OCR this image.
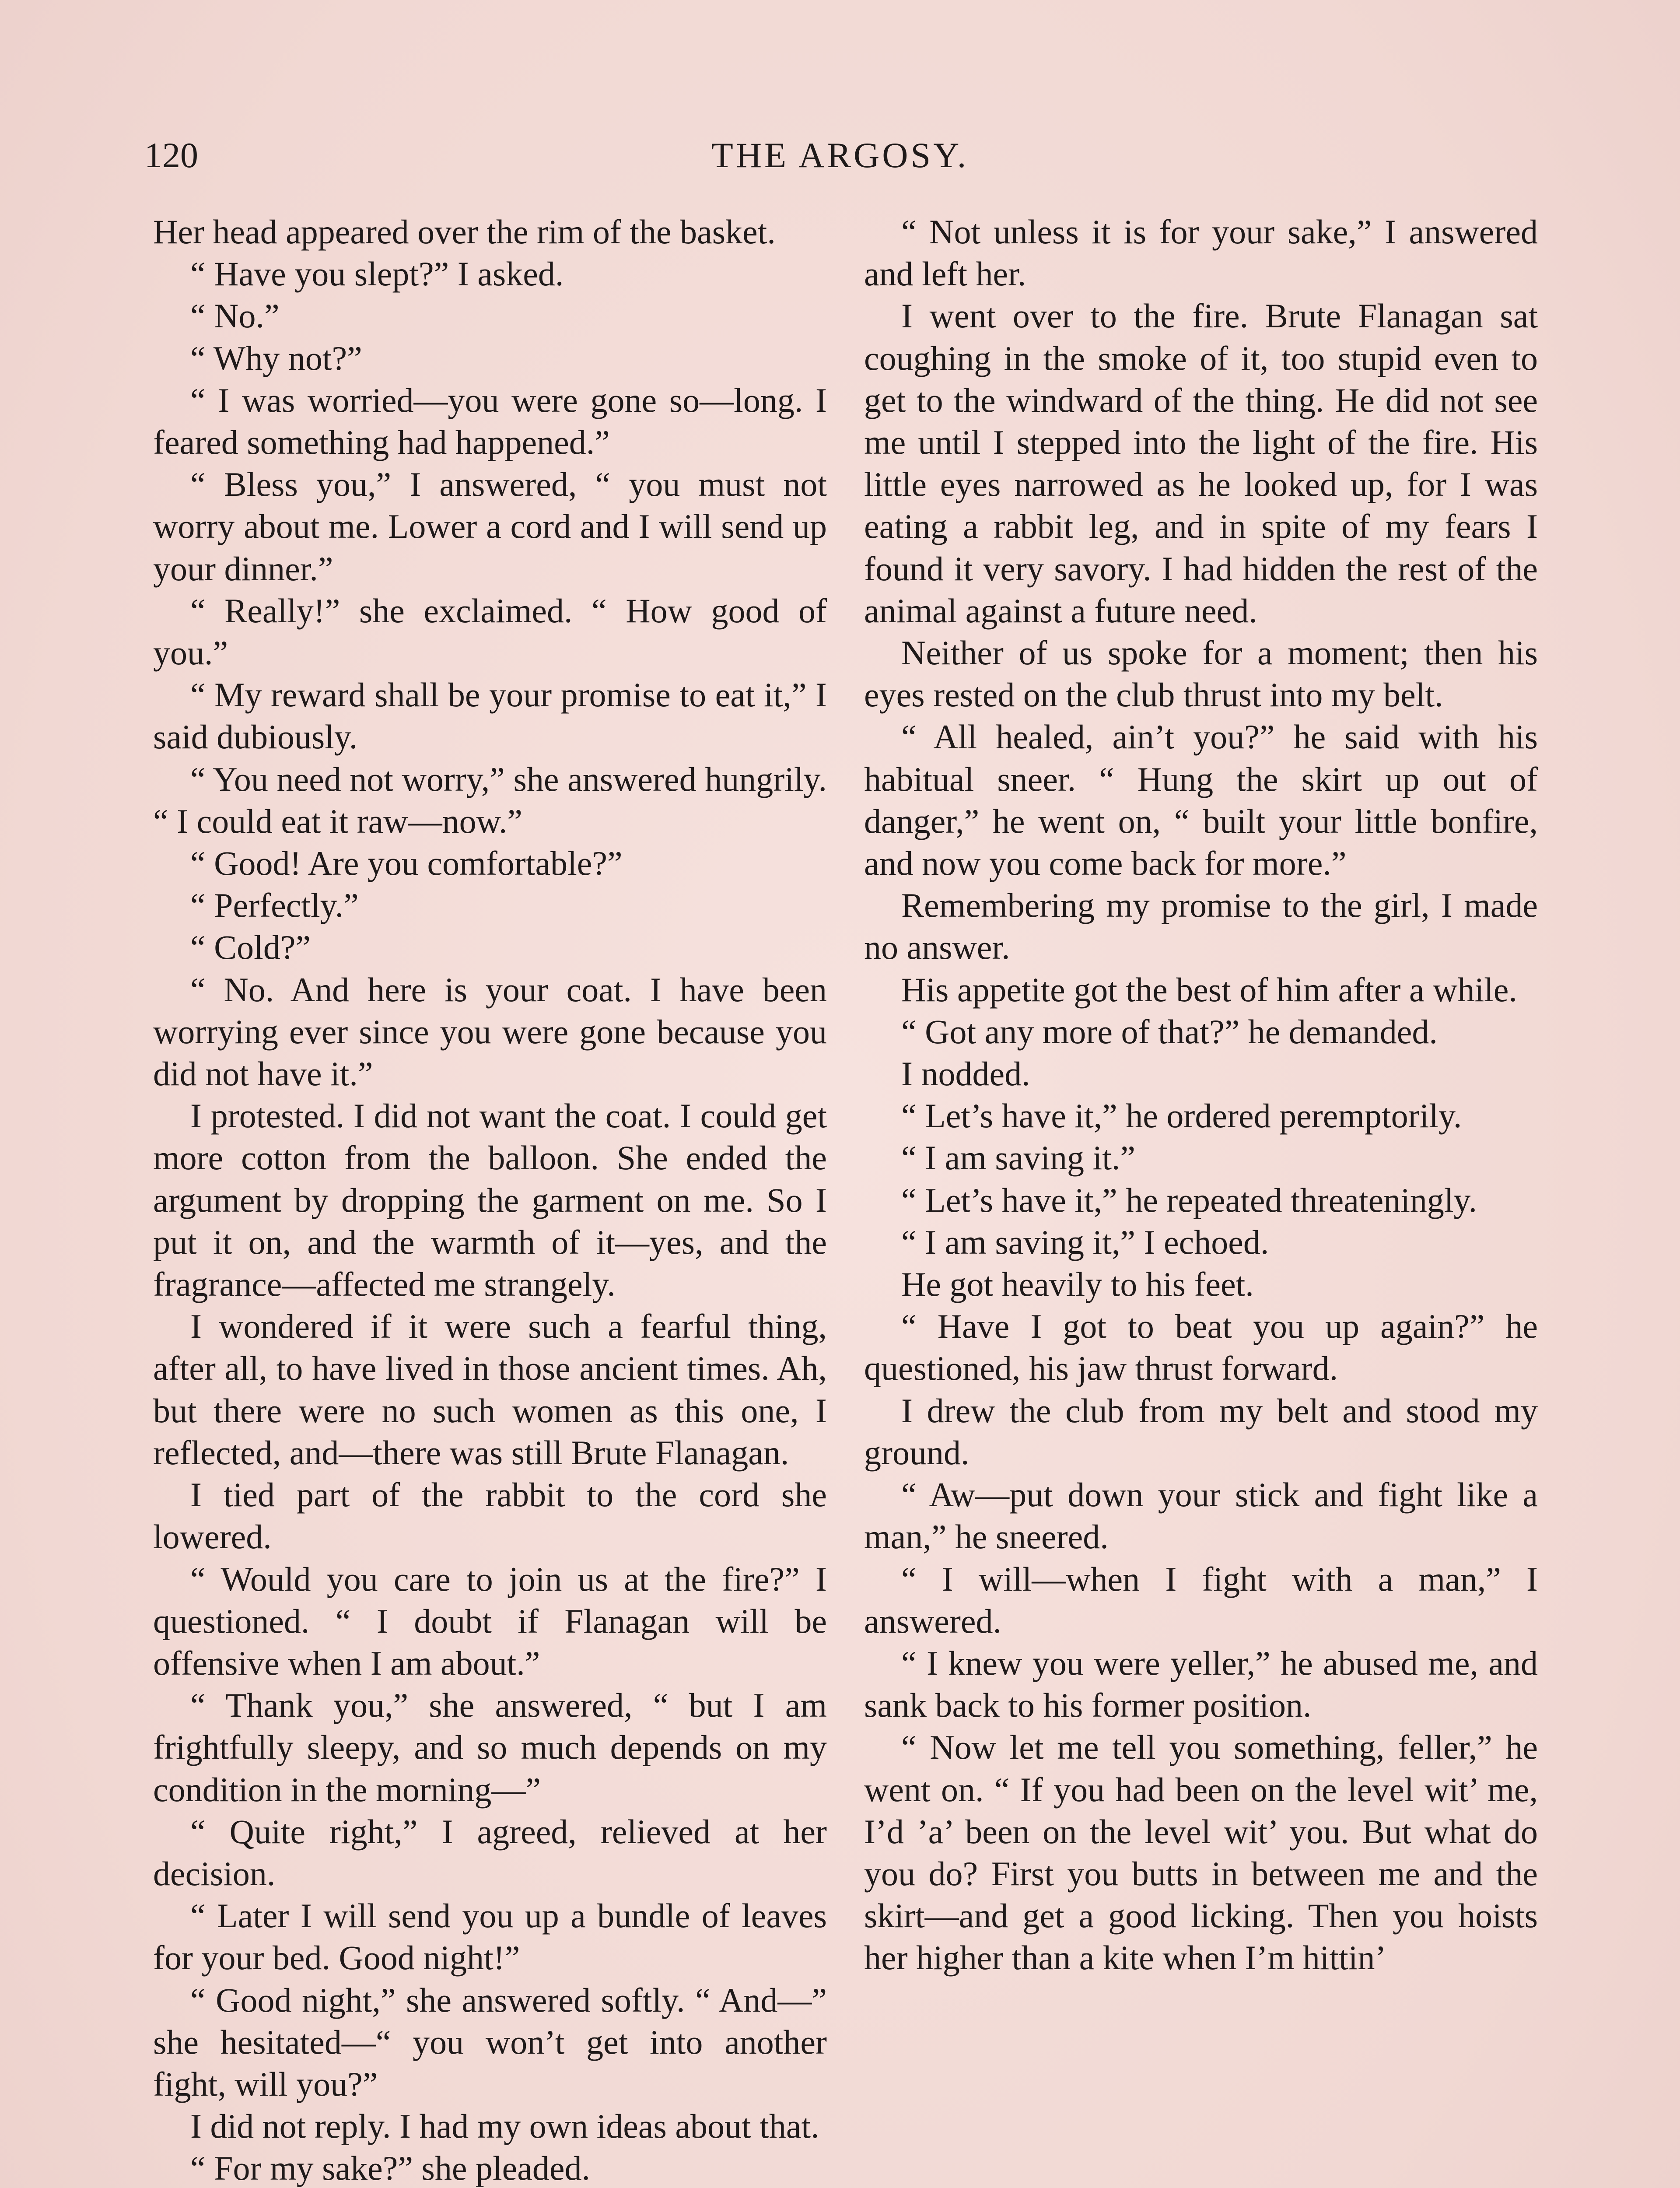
120	THE ARGOSY.

Her head appeared over the rim of the basket.

“ Have you slept?” I asked.

“ No.”

“ Why not?”

“ I was worried—you were gone so—long. I feared something had happened.”

“ Bless you,” I answered, “ you must not worry about me. Lower a cord and I will send up your dinner.”

“ Really!” she exclaimed. “ How good of you.”

“ My reward shall be your promise to eat it,” I said dubiously.

“ You need not worry,” she answered hungrily. “ I could eat it raw—now.”

“ Good! Are you comfortable?”

“ Perfectly.”

“ Cold?”

“ No. And here is your coat. I have been worrying ever since you were gone because you did not have it.”

I protested. I did not want the coat. I could get more cotton from the balloon. She ended the argument by dropping the garment on me. So I put it on, and the warmth of it—yes, and the fragrance—affected me strangely.

I wondered if it were such a fearful thing, after all, to have lived in those ancient times. Ah, but there were no such women as this one, I reflected, and—there was still Brute Flanagan.

I tied part of the rabbit to the cord she lowered.

“ Would you care to join us at the fire?” I questioned. “ I doubt if Flanagan will be offensive when I am about.”

“ Thank you,” she answered, “ but I am frightfully sleepy, and so much depends on my condition in the morning—”

“ Quite right,” I agreed, relieved at her decision.

“ Later I will send you up a bundle of leaves for your bed. Good night!”

“ Good night,” she answered softly. “ And—” she hesitated—“ you won’t get into another fight, will you?”

I did not reply. I had my own ideas about that.

“ For my sake?” she pleaded.

“ Not unless it is for your sake,” I answered and left her.

I went over to the fire. Brute Flanagan sat coughing in the smoke of it, too stupid even to get to the windward of the thing. He did not see me until I stepped into the light of the fire. His little eyes narrowed as he looked up, for I was eating a rabbit leg, and in spite of my fears I found it very savory. I had hidden the rest of the animal against a future need.

Neither of us spoke for a moment; then his eyes rested on the club thrust into my belt.

“ All healed, ain’t you?” he said with his habitual sneer. “ Hung the skirt up out of danger,” he went on, “ built your little bonfire, and now you come back for more.”

Remembering my promise to the girl, I made no answer.

His appetite got the best of him after a while.

“ Got any more of that?” he demanded.

I nodded.

“ Let’s have it,” he ordered peremptorily.

“ I am saving it.”

“ Let’s have it,” he repeated threateningly.

“ I am saving it,” I echoed.

He got heavily to his feet.

“ Have I got to beat you up again?” he questioned, his jaw thrust forward.

I drew the club from my belt and stood my ground.

“ Aw—put down your stick and fight like a man,” he sneered.

“ I will—when I fight with a man,” I answered.

“ I knew you were yeller,” he abused me, and sank back to his former position.

“ Now let me tell you something, feller,” he went on. “ If you had been on the level wit’ me, I’d ’a’ been on the level wit’ you. But what do you do? First you butts in between me and the skirt—and get a good licking. Then you hoists her higher than a kite when I’m hittin’
